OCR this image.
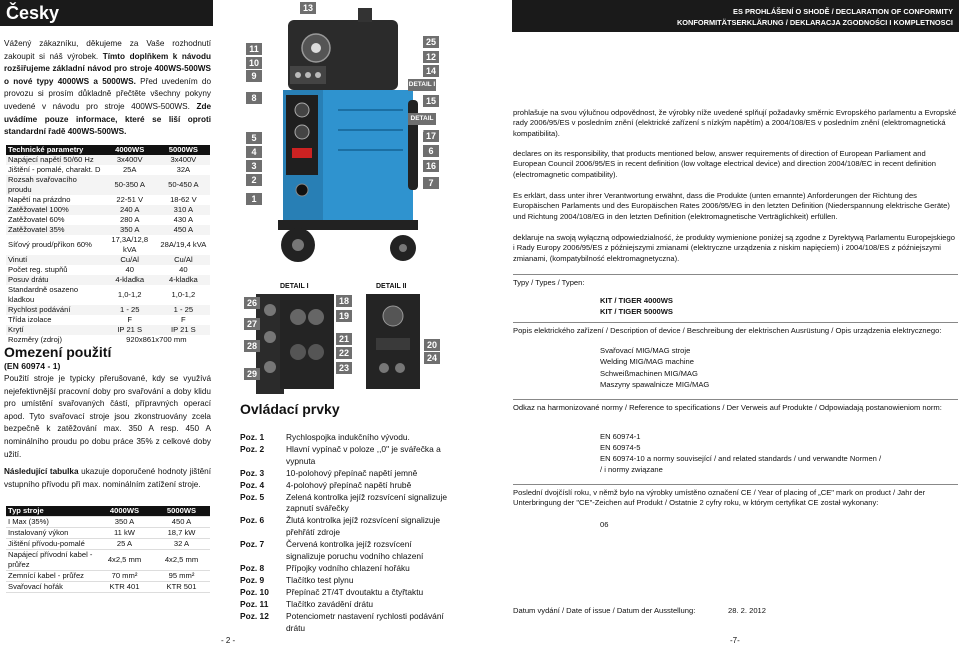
Česky
Vážený zákazníku, děkujeme za Vaše rozhodnutí zakoupit si náš výrobek. Tímto doplňkem k návodu rozšiřujeme základní návod pro stroje 400WS-500WS o nové typy 4000WS a 5000WS. Před uvedením do provozu si prosím důkladně přečtěte všechny pokyny uvedené v návodu pro stroje 400WS-500WS. Zde uvádíme pouze informace, které se liší oproti standardní řadě 400WS-500WS.
Technické parametry	4000WS	5000WS
Napájecí napětí 50/60 Hz	3x400V	3x400V
Jištění - pomalé, charakt. D	25A	32A
Rozsah svařovacího proudu	50-350 A	50-450 A
Napětí na prázdno	22-51 V	18-62 V
Zatěžovatel 100%	240 A	310 A
Zatěžovatel 60%	280 A	430 A
Zatěžovatel 35%	350 A	450 A
Síťový proud/příkon 60%	17,3A/12,8 kVA	28A/19,4 kVA
Vinutí	Cu/Al	Cu/Al
Počet reg. stupňů	40	40
Posuv drátu	4-kladka	4-kladka
Standardně osazeno kladkou	1,0-1,2	1,0-1,2
Rychlost podávání	1 - 25	1 - 25
Třída izolace	F	F
Krytí	IP 21 S	IP 21 S
Rozměry (zdroj)	920x861x700 mm	
Omezení použití
(EN 60974 - 1)
Použití stroje je typicky přerušované, kdy se využívá nejefektivnější pracovní doby pro svařování a doby klidu pro umístění svařovaných částí, přípravných operací apod. Tyto svařovací stroje jsou zkonstruovány zcela bezpečně k zatěžování max. 350 A resp. 450 A nominálního proudu po dobu práce 35% z celkové doby užití.
Následující tabulka ukazuje doporučené hodnoty jištění vstupního přívodu při max. nominálním zatížení stroje.
Typ stroje	4000WS	5000WS
I Max (35%)	350 A	450 A
Instalovaný výkon	11 kW	18,7 kW
Jištění přívodu-pomalé	25 A	32 A
Napájecí přívodní kabel - průřez	4x2,5 mm	4x2,5 mm
Zemnící kabel - průřez	70 mm²	95 mm²
Svařovací hořák	KTR 401	KTR 501
- 2 -
13
11
10
9
8
5
4
3
2
1
25
12
14
15
17
6
16
7
DETAIL I
DETAIL II
DETAIL I	DETAIL II
26
27
28
29
18
19
21
22
23
20
24
Ovládací prvky
Poz. 1	Rychlospojka indukčního vývodu.
Poz. 2	Hlavní vypínač v poloze ,,0" je svářečka a vypnuta
Poz. 3	10-polohový přepínač napětí jemně
Poz. 4	4-polohový přepínač napětí hrubě
Poz. 5	Zelená kontrolka jejíž rozsvícení signalizuje zapnutí svářečky
Poz. 6	Žlutá kontrolka jejíž rozsvícení signalizuje přehřátí zdroje
Poz. 7	Červená kontrolka jejíž rozsvícení signalizuje poruchu vodního chlazení
Poz. 8	Přípojky vodního chlazení hořáku
Poz. 9	Tlačítko test plynu
Poz. 10	Přepínač 2T/4T dvoutaktu a čtyřtaktu
Poz. 11	Tlačítko zavádění drátu
Poz. 12	Potenciometr nastavení rychlosti podávání drátu
ES PROHLÁŠENÍ O SHODĚ / DECLARATION OF CONFORMITY
KONFORMITÄTSERKLÄRUNG / DEKLARACJA ZGODNOŚCI I KOMPLETNOSCI
prohlašuje na svou výlučnou odpovědnost, že výrobky níže uvedené splňují požadavky směrnic Evropského parlamentu a Evropské rady 2006/95/ES v posledním znění (elektrické zařízení s nízkým napětím) a 2004/108/ES v posledním znění (elektromagnetická kompatibilita).
declares on its responsibility, that products mentioned below, answer requirements of direction of European Parliament and European Council 2006/95/ES in recent definition (low voltage electrical device) and direction 2004/108/EC in recent definition (electromagnetic compatibility).
Es erklärt, dass unter ihrer Verantwortung erwähnt, dass die Produkte (unten ernannte) Anforderungen der Richtung des Europäischen Parlaments und des Europäischen Rates 2006/95/EG in den letzten Definition (Niederspannung elektrische Geräte) und Richtung 2004/108/EG in den letzten Definition (elektromagnetische Verträglichkeit) erfüllen.
deklaruje na swoją wyłączną odpowiedzialność, że produkty wymienione poniżej są zgodne z Dyrektywą Parlamentu Europejskiego i Rady Europy 2006/95/ES z późniejszymi zmianami (elektryczne urządzenia z niskim napięciem) i 2004/108/ES z późniejszymi zmianami, (kompatybilność elektromagnetyczna).
Typy / Types / Typen:
KIT / TIGER 4000WS
KIT / TIGER 5000WS
Popis elektrického zařízení / Description of device / Beschreibung der elektrischen Ausrüstung / Opis urządzenia elektrycznego:
Svařovací MIG/MAG stroje
Welding MIG/MAG machine
Schweißmachinen MIG/MAG
Maszyny spawalnicze MIG/MAG
Odkaz na harmonizované normy / Reference to specifications / Der Verweis auf Produkte / Odpowiadają postanowieniom norm:
EN 60974-1
EN 60974-5
EN 60974-10 a normy související / and related standards / und verwandte Normen /
/ i normy związane
Poslední dvojčíslí roku, v němž bylo na výrobky umístěno označení CE / Year of placing of „CE" mark on product / Jahr der Unterbringung der "CE"-Zeichen auf Produkt / Ostatnie 2 cyfry roku, w którym certyfikat CE został wykonany:
06
Datum vydání / Date of issue / Datum der Ausstellung:	28. 2. 2012
-7-
